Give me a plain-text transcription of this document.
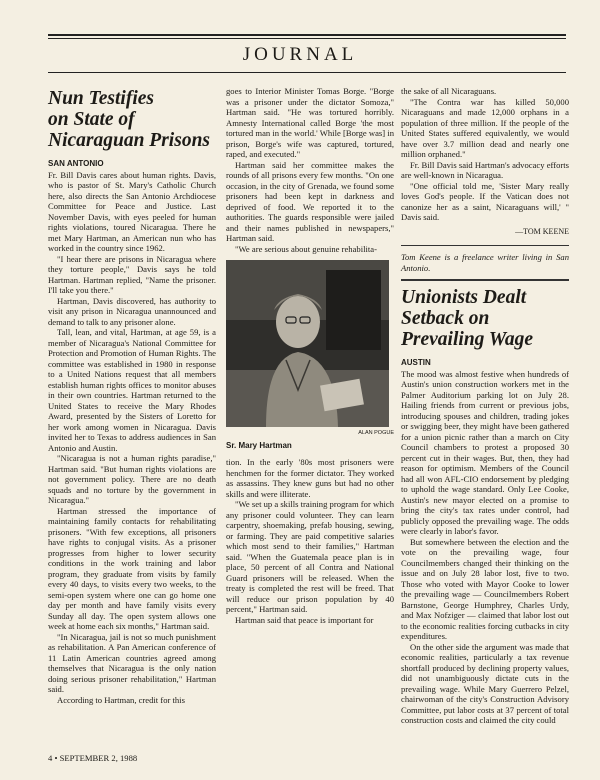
JOURNAL
Nun Testifies
on State of
Nicaraguan Prisons
SAN ANTONIO

Fr. Bill Davis cares about human rights. Davis, who is pastor of St. Mary's Catholic Church here, also directs the San Antonio Archdiocese Committee for Peace and Justice. Last November Davis, with eyes peeled for human rights violations, toured Nicaragua. There he met Mary Hartman, an American nun who has worked in the country since 1962.

"I hear there are prisons in Nicaragua where they torture people," Davis says he told Hartman. Hartman replied, "Name the prisoner. I'll take you there."

Hartman, Davis discovered, has authority to visit any prison in Nicaragua unannounced and demand to talk to any prisoner alone.

Tall, lean, and vital, Hartman, at age 59, is a member of Nicaragua's National Committee for Protection and Promotion of Human Rights. The committee was established in 1980 in response to a United Nations request that all members establish human rights offices to monitor abuses in their own countries. Hartman returned to the United States to receive the Mary Rhodes Award, presented by the Sisters of Loretto for her work among women in Nicaragua. Davis invited her to Texas to address audiences in San Antonio and Austin.

"Nicaragua is not a human rights paradise," Hartman said. "But human rights violations are not government policy. There are no death squads and no torture by the government in Nicaragua."

Hartman stressed the importance of maintaining family contacts for rehabilitating prisoners. "With few exceptions, all prisoners have rights to conjugal visits. As a prisoner progresses from higher to lower security conditions in the work training and labor program, they graduate from visits by family every 40 days, to visits every two weeks, to the semi-open system where one can go home one day per month and have family visits every Sunday all day. The open system allows one week at home each six months," Hartman said.

"In Nicaragua, jail is not so much punishment as rehabilitation. A Pan American conference of 11 Latin American countries agreed among themselves that Nicaragua is the only nation doing serious prisoner rehabilitation," Hartman said.

According to Hartman, credit for this

goes to Interior Minister Tomas Borge. "Borge was a prisoner under the dictator Somoza," Hartman said. "He was tortured horribly. Amnesty International called Borge 'the most tortured man in the world.' While [Borge was] in prison, Borge's wife was captured, tortured, raped, and executed."

Hartman said her committee makes the rounds of all prisons every few months. "On one occasion, in the city of Grenada, we found some prisoners had been kept in darkness and deprived of food. We reported it to the authorities. The guards responsible were jailed and their names published in newspapers," Hartman said.

"We are serious about genuine rehabilita-

ALAN POGUE
Sr. Mary Hartman

tion. In the early '80s most prisoners were henchmen for the former dictator. They worked as assassins. They knew guns but had no other skills and were illiterate.

"We set up a skills training program for which any prisoner could volunteer. They can learn carpentry, shoemaking, prefab housing, sewing, or farming. They are paid competitive salaries which most send to their families," Hartman said. "When the Guatemala peace plan is in place, 50 percent of all Contra and National Guard prisoners will be released. When the treaty is completed the rest will be freed. That will reduce our prison population by 40 percent," Hartman said.

Hartman said that peace is important for

the sake of all Nicaraguans.

"The Contra war has killed 50,000 Nicaraguans and made 12,000 orphans in a population of three million. If the people of the United States suffered equivalently, we would have over 3.7 million dead and nearly one million orphaned."

Fr. Bill Davis said Hartman's advocacy efforts are well-known in Nicaragua.

"One official told me, 'Sister Mary really loves God's people. If the Vatican does not canonize her as a saint, Nicaraguans will,' " Davis said.

—TOM KEENE

Tom Keene is a freelance writer living in San Antonio.

Unionists Dealt
Setback on
Prevailing Wage
AUSTIN

The mood was almost festive when hundreds of Austin's union construction workers met in the Palmer Auditorium parking lot on July 28. Hailing friends from current or previous jobs, introducing spouses and children, trading jokes or swigging beer, they might have been gathered for a union picnic rather than a march on City Council chambers to protest a proposed 30 percent cut in their wages. But, then, they had reason for optimism. Members of the Council had all won AFL-CIO endorsement by pledging to uphold the wage standard. Only Lee Cooke, Austin's new mayor elected on a promise to bring the city's tax rates under control, had publicly opposed the prevailing wage. The odds were clearly in labor's favor.

But somewhere between the election and the vote on the prevailing wage, four Councilmembers changed their thinking on the issue and on July 28 labor lost, five to two. Those who voted with Mayor Cooke to lower the prevailing wage — Councilmembers Robert Barnstone, George Humphrey, Charles Urdy, and Max Nofziger — claimed that labor lost out to the economic realities forcing cutbacks in city expenditures.

On the other side the argument was made that economic realities, particularly a tax revenue shortfall produced by declining property values, did not unambiguously dictate cuts in the prevailing wage. While Mary Guerrero Pelzel, chairwoman of the city's Construction Advisory Committee, put labor costs at 37 percent of total construction costs and claimed the city could

4 • SEPTEMBER 2, 1988
